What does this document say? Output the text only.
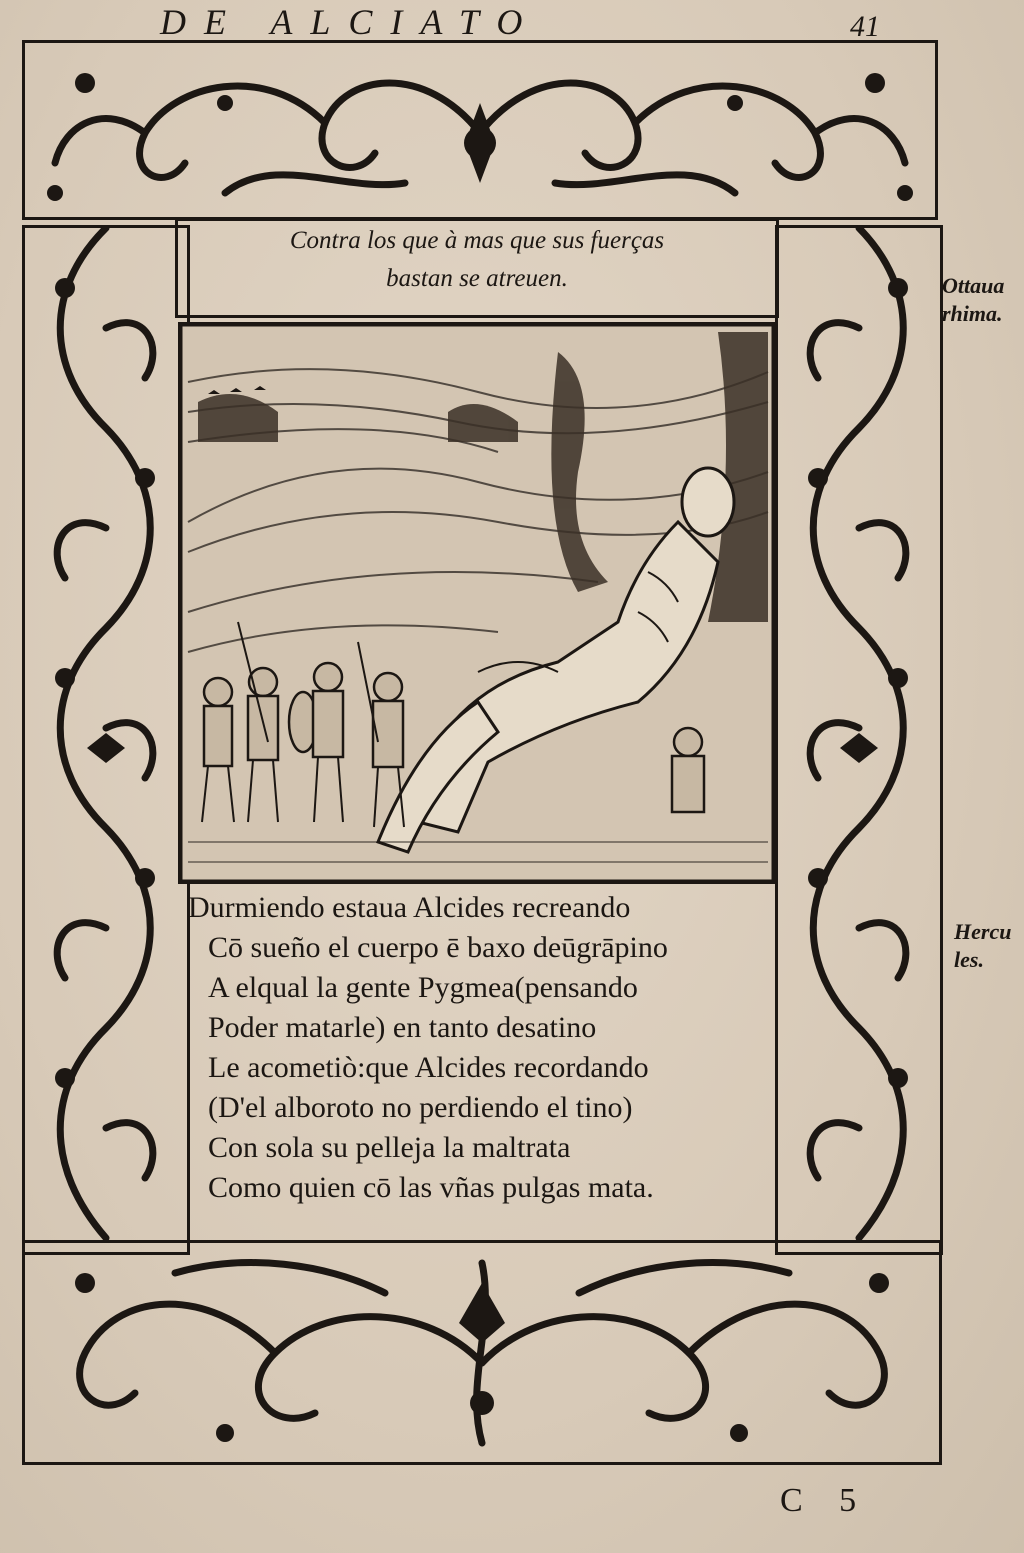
DE ALCIATO	41
Contra los que à mas que sus fuerças
bastan se atreuen.
Durmiendo estaua Alcides recreando
Cō sueño el cuerpo ē baxo deūgrāpino
A elqual la gente Pygmea(pensando
Poder matarle) en tanto desatino
Le acometiò:que Alcides recordando
(D'el alboroto no perdiendo el tino)
Con sola su pelleja la maltrata
Como quien cō las vñas pulgas mata.
Ottaua
rhima.
Hercu
les.
C 5
